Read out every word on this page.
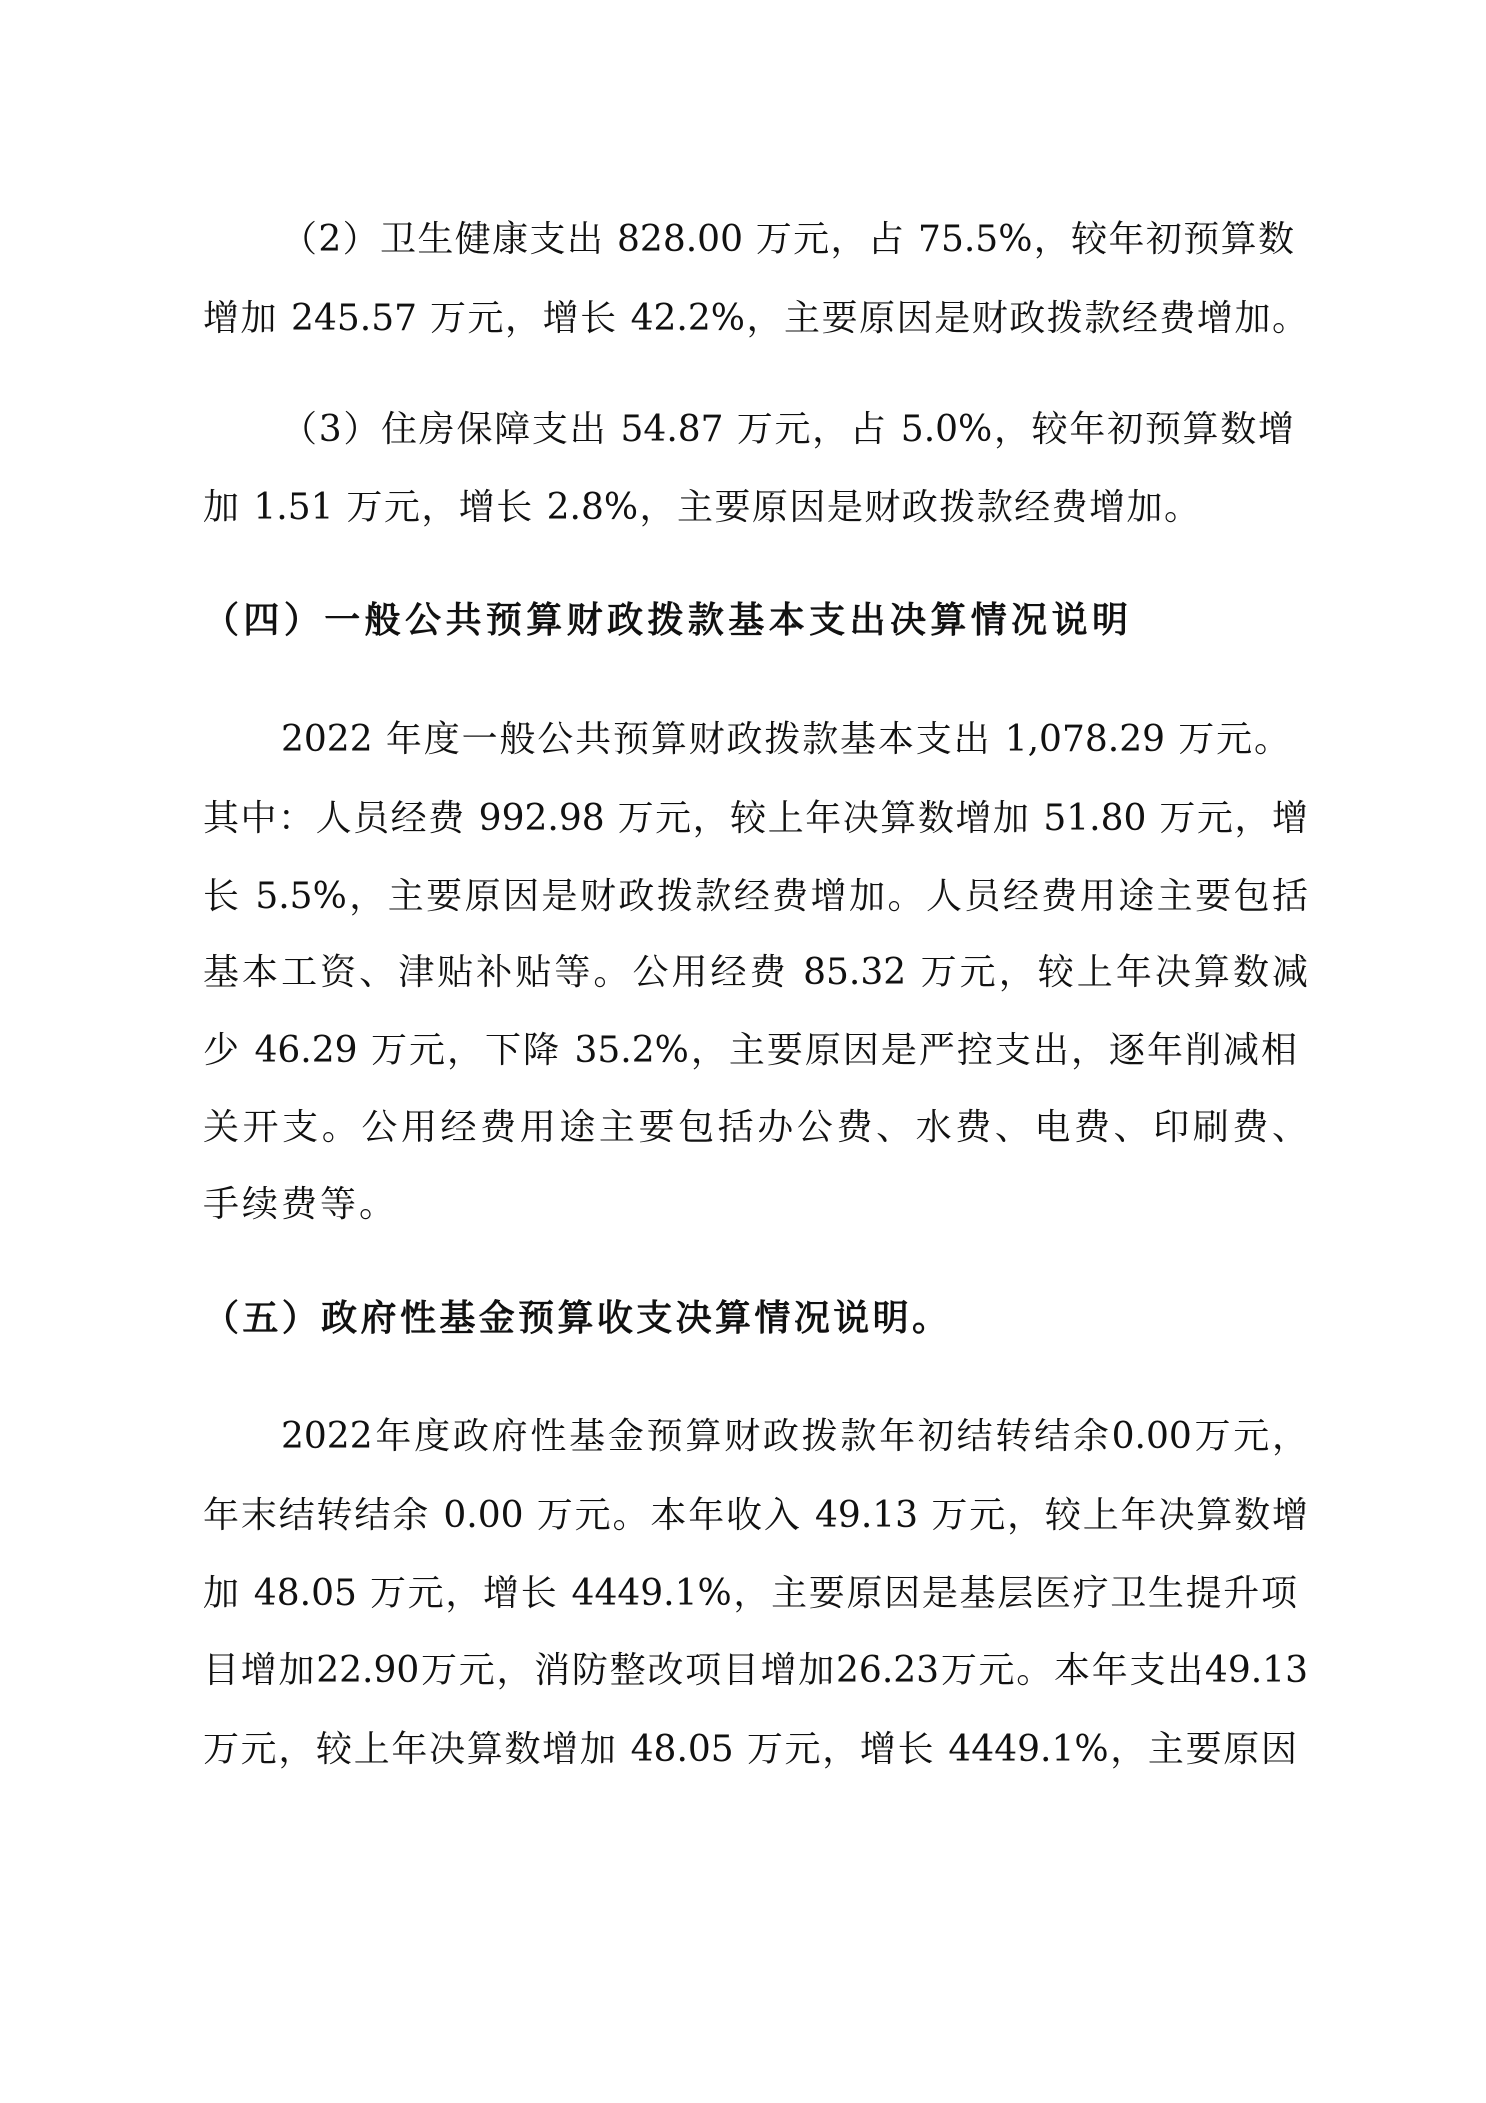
（2）卫生健康支出 828.00 万元，占 75.5%，较年初预算数
增加 245.57 万元，增长 42.2%，主要原因是财政拨款经费增加。
（3）住房保障支出 54.87 万元，占 5.0%，较年初预算数增
加 1.51 万元，增长 2.8%，主要原因是财政拨款经费增加。
（四）一般公共预算财政拨款基本支出决算情况说明
2022 年度一般公共预算财政拨款基本支出 1,078.29 万元。
其中：人员经费 992.98 万元，较上年决算数增加 51.80 万元，增
长 5.5%，主要原因是财政拨款经费增加。人员经费用途主要包括
基本工资、津贴补贴等。公用经费 85.32 万元，较上年决算数减
少 46.29 万元，下降 35.2%，主要原因是严控支出，逐年削减相
关开支。公用经费用途主要包括办公费、水费、电费、印刷费、
手续费等。
（五）政府性基金预算收支决算情况说明。
2022年度政府性基金预算财政拨款年初结转结余0.00万元，
年末结转结余 0.00 万元。本年收入 49.13 万元，较上年决算数增
加 48.05 万元，增长 4449.1%，主要原因是基层医疗卫生提升项
目增加22.90万元，消防整改项目增加26.23万元。本年支出49.13
万元，较上年决算数增加 48.05 万元，增长 4449.1%，主要原因
